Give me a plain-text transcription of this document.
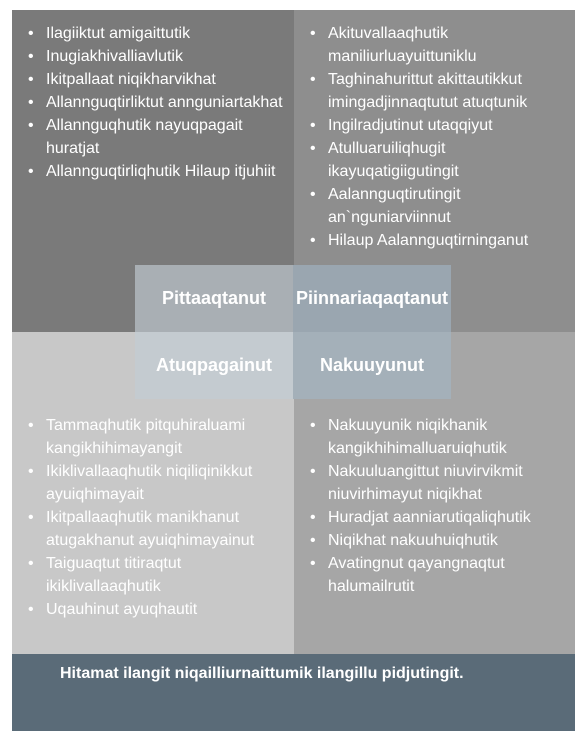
• Ilagiiktut amigaittutik
• Inugiakhivalliavlutik
• Ikitpallaat niqikharvikhat
• Allannguqtirliktut annguniartakhat
• Allannguqhutik nayuqpagait huratjat
• Allannguqtirliqhutik Hilaup itjuhiit
• Akituvallaaqhutik maniliurluayuittuniklu
• Taghinahurittut akittautikkut imingadjinnaqtutut atuqtunik
• Ingilradjutinut utaqqiyut
• Atulluaruiliqhugit ikayuqatigiigutingit
• Aalannguqtirutingit an`nguniarviinnut
• Hilaup Aalannguqtirninganut
• Tammaqhutik pitquhiraluami kangikhihimayangit
• Ikiklivallaaqhutik niqiliqinikkut ayuiqhimayait
• Ikitpallaaqhutik manikhanut atugakhanut ayuiqhimayainut
• Taiguaqtut titiraqtut ikiklivallaaqhutik
• Uqauhinut ayuqhautit
• Nakuuyunik niqikhanik kangikhihimalluaruiqhutik
• Nakuuluangittut niuvirvikmit niuvirhimayut niqikhat
• Huradjat aanniarutiqaliqhutik
• Niqikhat nakuuhuiqhutik
• Avatingnut qayangnaqtut halumailrutit
Pittaaqtanut	Piinnariaqaqtanut
Atuqpagainut	Nakuuyunut
Hitamat ilangit niqailliurnaittumik ilangillu pidjutingit.
